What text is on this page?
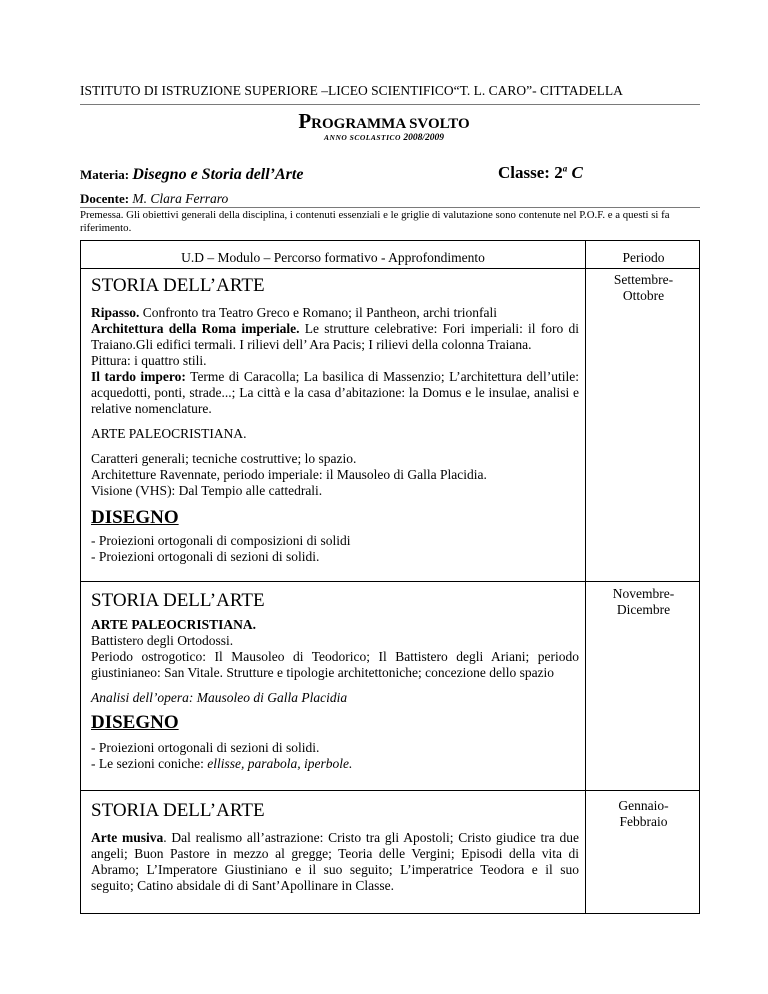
ISTITUTO DI ISTRUZIONE SUPERIORE –LICEO SCIENTIFICO“T. L. CARO”- CITTADELLA
PROGRAMMA SVOLTO
ANNO SCOLASTICO 2008/2009
Materia: Disegno e Storia dell’Arte	Classe: 2$^a$ C
Docente: M. Clara Ferraro

Premessa. Gli obiettivi generali della disciplina, i contenuti essenziali e le griglie di valutazione sono contenute nel P.O.F. e a questi si fa riferimento.

U.D – Modulo – Percorso formativo - Approfondimento	Periodo

STORIA DELL’ARTE

Ripasso. Confronto tra Teatro Greco e Romano; il Pantheon, archi trionfali

Architettura della Roma imperiale. Le strutture celebrative: Fori imperiali: il foro di Traiano.Gli edifici termali. I rilievi dell’ Ara Pacis; I rilievi della colonna Traiana.

Pittura: i quattro stili.

Il tardo impero: Terme di Caracolla; La basilica di Massenzio; L’architettura dell’utile: acquedotti, ponti, strade...; La città e la casa d’abitazione: la Domus e le insulae, analisi e relative nomenclature.

ARTE PALEOCRISTIANA.

Caratteri generali; tecniche costruttive; lo spazio.

Architetture Ravennate, periodo imperiale: il Mausoleo di Galla Placidia.

Visione (VHS): Dal Tempio alle cattedrali.

DISEGNO

- Proiezioni ortogonali di composizioni di solidi

- Proiezioni ortogonali di sezioni di solidi.

Settembre-
Ottobre

STORIA DELL’ARTE

ARTE PALEOCRISTIANA.

Battistero degli Ortodossi.

Periodo ostrogotico: Il Mausoleo di Teodorico; Il Battistero degli Ariani; periodo giustinianeo: San Vitale. Strutture e tipologie architettoniche; concezione dello spazio

Analisi dell’opera: Mausoleo di Galla Placidia

DISEGNO

- Proiezioni ortogonali di sezioni di solidi.

- Le sezioni coniche: ellisse, parabola, iperbole.

Novembre-
Dicembre

STORIA DELL’ARTE

Arte musiva. Dal realismo all’astrazione: Cristo tra gli Apostoli; Cristo giudice tra due angeli; Buon Pastore in mezzo al gregge; Teoria delle Vergini; Episodi della vita di Abramo; L’Imperatore Giustiniano e il suo seguito; L’imperatrice Teodora e il suo seguito; Catino absidale di di Sant’Apollinare in Classe.

Gennaio-
Febbraio
